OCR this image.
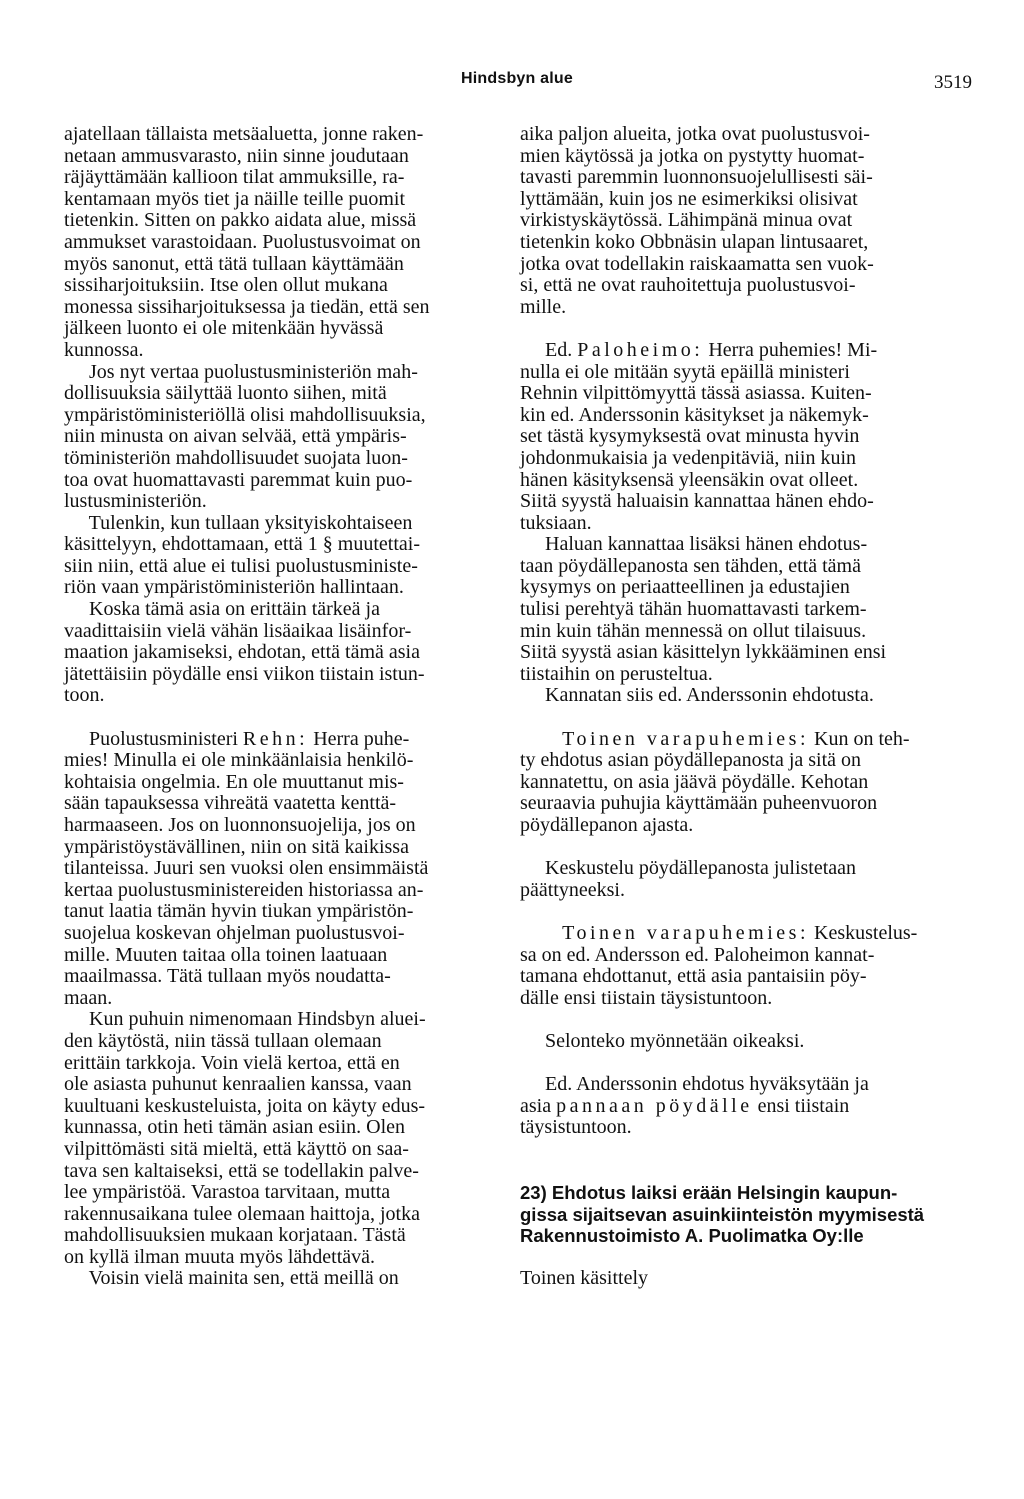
Hindsbyn alue	3519
ajatellaan tällaista metsäaluetta, jonne raken-
netaan ammusvarasto, niin sinne joudutaan
räjäyttämään kallioon tilat ammuksille, ra-
kentamaan myös tiet ja näille teille puomit
tietenkin. Sitten on pakko aidata alue, missä
ammukset varastoidaan. Puolustusvoimat on
myös sanonut, että tätä tullaan käyttämään
sissiharjoituksiin. Itse olen ollut mukana
monessa sissiharjoituksessa ja tiedän, että sen
jälkeen luonto ei ole mitenkään hyvässä
kunnossa.
Jos nyt vertaa puolustusministeriön mah-
dollisuuksia säilyttää luonto siihen, mitä
ympäristöministeriöllä olisi mahdollisuuksia,
niin minusta on aivan selvää, että ympäris-
töministeriön mahdollisuudet suojata luon-
toa ovat huomattavasti paremmat kuin puo-
lustusministeriön.
Tulenkin, kun tullaan yksityiskohtaiseen
käsittelyyn, ehdottamaan, että 1 § muutettai-
siin niin, että alue ei tulisi puolustusministe-
riön vaan ympäristöministeriön hallintaan.
Koska tämä asia on erittäin tärkeä ja
vaadittaisiin vielä vähän lisäaikaa lisäinfor-
maation jakamiseksi, ehdotan, että tämä asia
jätettäisiin pöydälle ensi viikon tiistain istun-
toon.
Puolustusministeri Rehn: Herra puhe-
mies! Minulla ei ole minkäänlaisia henkilö-
kohtaisia ongelmia. En ole muuttanut mis-
sään tapauksessa vihreätä vaatetta kenttä-
harmaaseen. Jos on luonnonsuojelija, jos on
ympäristöystävällinen, niin on sitä kaikissa
tilanteissa. Juuri sen vuoksi olen ensimmäistä
kertaa puolustusministereiden historiassa an-
tanut laatia tämän hyvin tiukan ympäristön-
suojelua koskevan ohjelman puolustusvoi-
mille. Muuten taitaa olla toinen laatuaan
maailmassa. Tätä tullaan myös noudatta-
maan.
Kun puhuin nimenomaan Hindsbyn aluei-
den käytöstä, niin tässä tullaan olemaan
erittäin tarkkoja. Voin vielä kertoa, että en
ole asiasta puhunut kenraalien kanssa, vaan
kuultuani keskusteluista, joita on käyty edus-
kunnassa, otin heti tämän asian esiin. Olen
vilpittömästi sitä mieltä, että käyttö on saa-
tava sen kaltaiseksi, että se todellakin palve-
lee ympäristöä. Varastoa tarvitaan, mutta
rakennusaikana tulee olemaan haittoja, jotka
mahdollisuuksien mukaan korjataan. Tästä
on kyllä ilman muuta myös lähdettävä.
Voisin vielä mainita sen, että meillä on
aika paljon alueita, jotka ovat puolustusvoi-
mien käytössä ja jotka on pystytty huomat-
tavasti paremmin luonnonsuojelullisesti säi-
lyttämään, kuin jos ne esimerkiksi olisivat
virkistyskäytössä. Lähimpänä minua ovat
tietenkin koko Obbnäsin ulapan lintusaaret,
jotka ovat todellakin raiskaamatta sen vuok-
si, että ne ovat rauhoitettuja puolustusvoi-
mille.
Ed. Paloheimo: Herra puhemies! Mi-
nulla ei ole mitään syytä epäillä ministeri
Rehnin vilpittömyyttä tässä asiassa. Kuiten-
kin ed. Anderssonin käsitykset ja näkemyk-
set tästä kysymyksestä ovat minusta hyvin
johdonmukaisia ja vedenpitäviä, niin kuin
hänen käsityksensä yleensäkin ovat olleet.
Siitä syystä haluaisin kannattaa hänen ehdo-
tuksiaan.
Haluan kannattaa lisäksi hänen ehdotus-
taan pöydällepanosta sen tähden, että tämä
kysymys on periaatteellinen ja edustajien
tulisi perehtyä tähän huomattavasti tarkem-
min kuin tähän mennessä on ollut tilaisuus.
Siitä syystä asian käsittelyn lykkääminen ensi
tiistaihin on perusteltua.
Kannatan siis ed. Anderssonin ehdotusta.
Toinen varapuhemies: Kun on teh-
ty ehdotus asian pöydällepanosta ja sitä on
kannatettu, on asia jäävä pöydälle. Kehotan
seuraavia puhujia käyttämään puheenvuoron
pöydällepanon ajasta.
Keskustelu pöydällepanosta julistetaan
päättyneeksi.
Toinen varapuhemies: Keskustelus-
sa on ed. Andersson ed. Paloheimon kannat-
tamana ehdottanut, että asia pantaisiin pöy-
dälle ensi tiistain täysistuntoon.
Selonteko myönnetään oikeaksi.
Ed. Anderssonin ehdotus hyväksytään ja
asia pannaan pöydälle ensi tiistain
täysistuntoon.
23) Ehdotus laiksi erään Helsingin kaupun-
gissa sijaitsevan asuinkiinteistön myymisestä
Rakennustoimisto A. Puolimatka Oy:lle
Toinen käsittely
